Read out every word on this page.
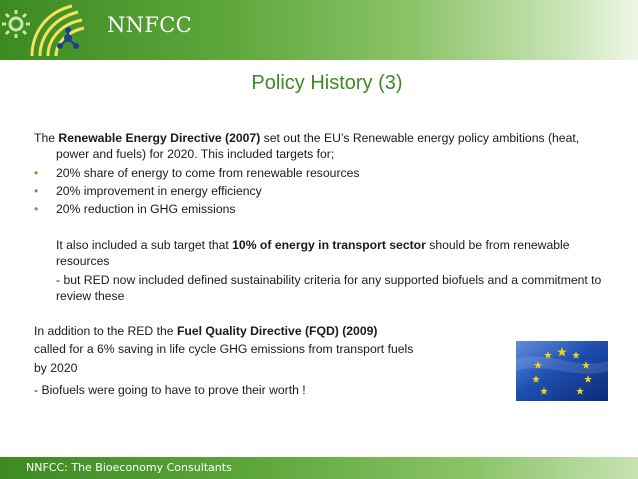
NNFCC
Policy History (3)

The Renewable Energy Directive (2007) set out the EU’s Renewable energy policy ambitions (heat, power and fuels) for 2020. This included targets for;

• 20% share of energy to come from renewable resources

• 20% improvement in energy efficiency

• 20% reduction in GHG emissions

It also included a sub target that 10% of energy in transport sector should be from renewable resources

- but RED now included defined sustainability criteria for any supported biofuels and a commitment to review these

In addition to the RED the Fuel Quality Directive (FQD) (2009)

called for a 6% saving in life cycle GHG emissions from transport fuels

by 2020

- Biofuels were going to have to prove their worth !

NNFCC: The Bioeconomy Consultants
